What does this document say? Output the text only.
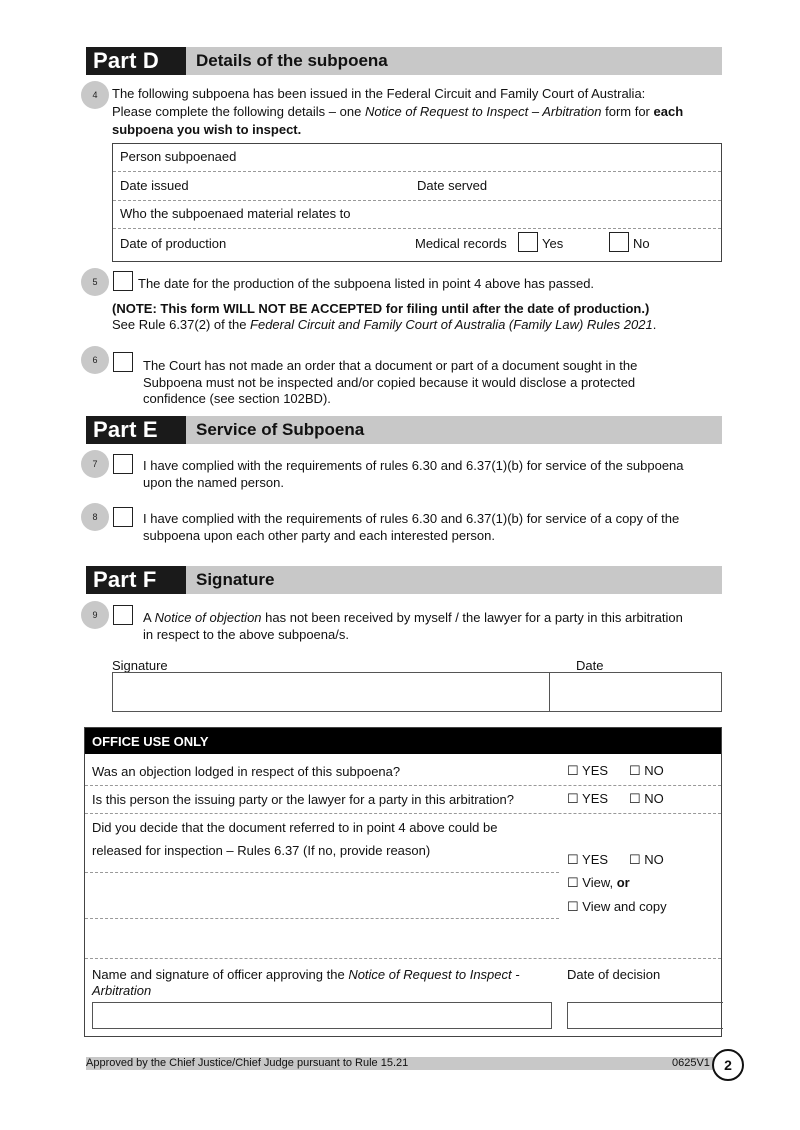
Part D	Details of the subpoena
4	The following subpoena has been issued in the Federal Circuit and Family Court of Australia:
Please complete the following details – one Notice of Request to Inspect – Arbitration form for each
subpoena you wish to inspect.
Person subpoenaed
Date issued	Date served
Who the subpoenaed material relates to
Date of production	Medical records	Yes	No
5	The date for the production of the subpoena listed in point 4 above has passed.
(NOTE: This form WILL NOT BE ACCEPTED for filing until after the date of production.)
See Rule 6.37(2) of the Federal Circuit and Family Court of Australia (Family Law) Rules 2021.
6	The Court has not made an order that a document or part of a document sought in the
Subpoena must not be inspected and/or copied because it would disclose a protected
confidence (see section 102BD).
Part E	Service of Subpoena
7	I have complied with the requirements of rules 6.30 and 6.37(1)(b) for service of the subpoena
upon the named person.
8	I have complied with the requirements of rules 6.30 and 6.37(1)(b) for service of a copy of the
subpoena upon each other party and each interested person.
Part F	Signature
9	A Notice of objection has not been received by myself / the lawyer for a party in this arbitration
in respect to the above subpoena/s.
Signature	Date
OFFICE USE ONLY
Was an objection lodged in respect of this subpoena?	☐ YES ☐ NO
Is this person the issuing party or the lawyer for a party in this arbitration?	☐ YES ☐ NO
Did you decide that the document referred to in point 4 above could be
released for inspection – Rules 6.37 (If no, provide reason)
☐ YES ☐ NO
☐ View, or
☐ View and copy
Name and signature of officer approving the Notice of Request to Inspect -
Arbitration
Date of decision
Approved by the Chief Justice/Chief Judge pursuant to Rule 15.21	0625V1	2
